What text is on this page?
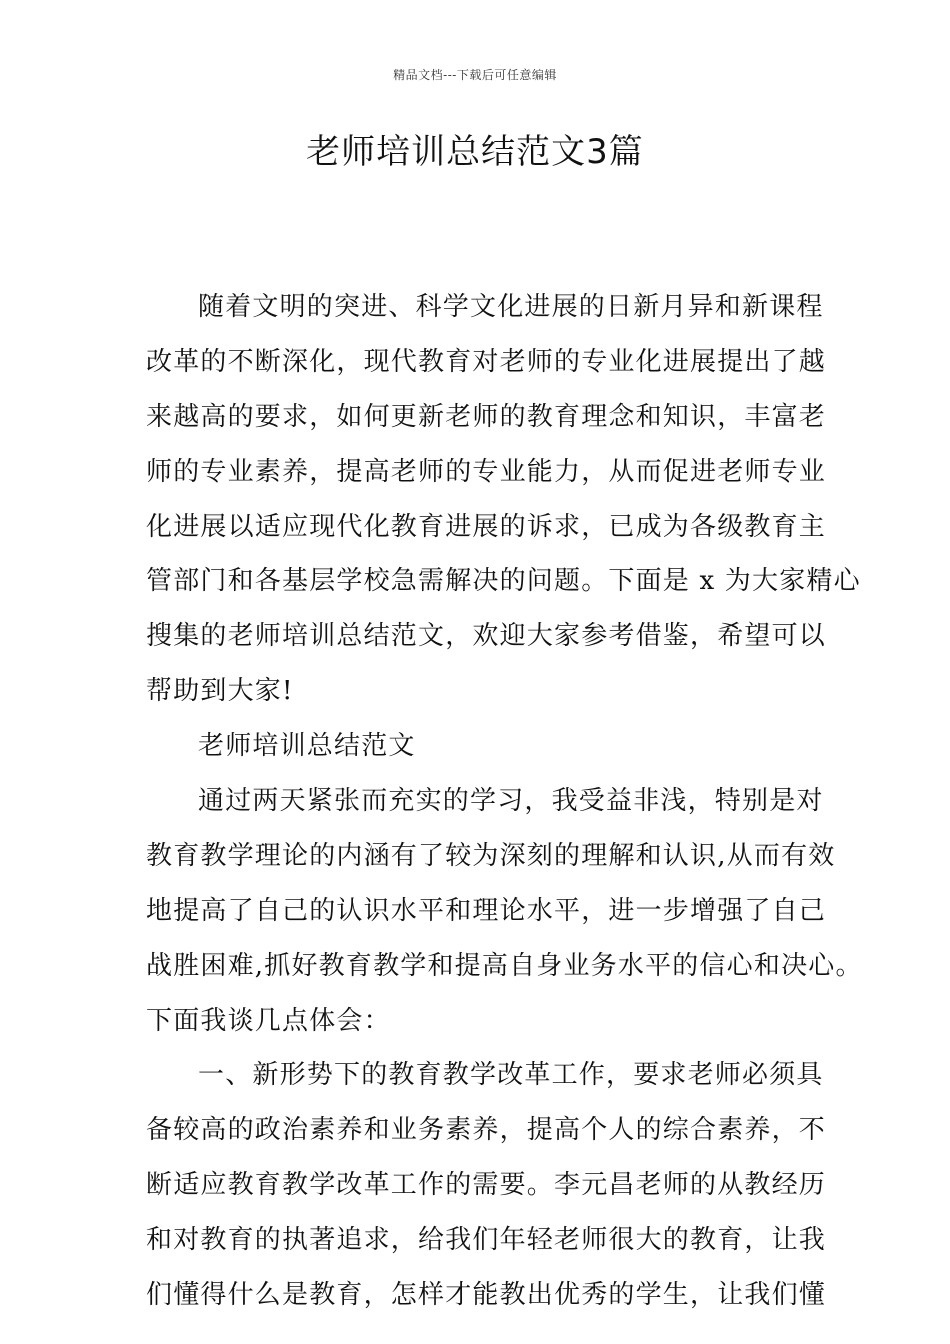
精品文档---下载后可任意编辑
老师培训总结范文3篇
随着文明的突进、科学文化进展的日新月异和新课程
改革的不断深化，现代教育对老师的专业化进展提出了越
来越高的要求，如何更新老师的教育理念和知识，丰富老
师的专业素养，提高老师的专业能力，从而促进老师专业
化进展以适应现代化教育进展的诉求，已成为各级教育主
管部门和各基层学校急需解决的问题。下面是 x 为大家精心
搜集的老师培训总结范文，欢迎大家参考借鉴，希望可以
帮助到大家!
老师培训总结范文
通过两天紧张而充实的学习，我受益非浅，特别是对
教育教学理论的内涵有了较为深刻的理解和认识,从而有效
地提高了自己的认识水平和理论水平，进一步增强了自己
战胜困难,抓好教育教学和提高自身业务水平的信心和决心。
下面我谈几点体会：
一、新形势下的教育教学改革工作，要求老师必须具
备较高的政治素养和业务素养，提高个人的综合素养，不
断适应教育教学改革工作的需要。李元昌老师的从教经历
和对教育的执著追求，给我们年轻老师很大的教育，让我
们懂得什么是教育，怎样才能教出优秀的学生，让我们懂
